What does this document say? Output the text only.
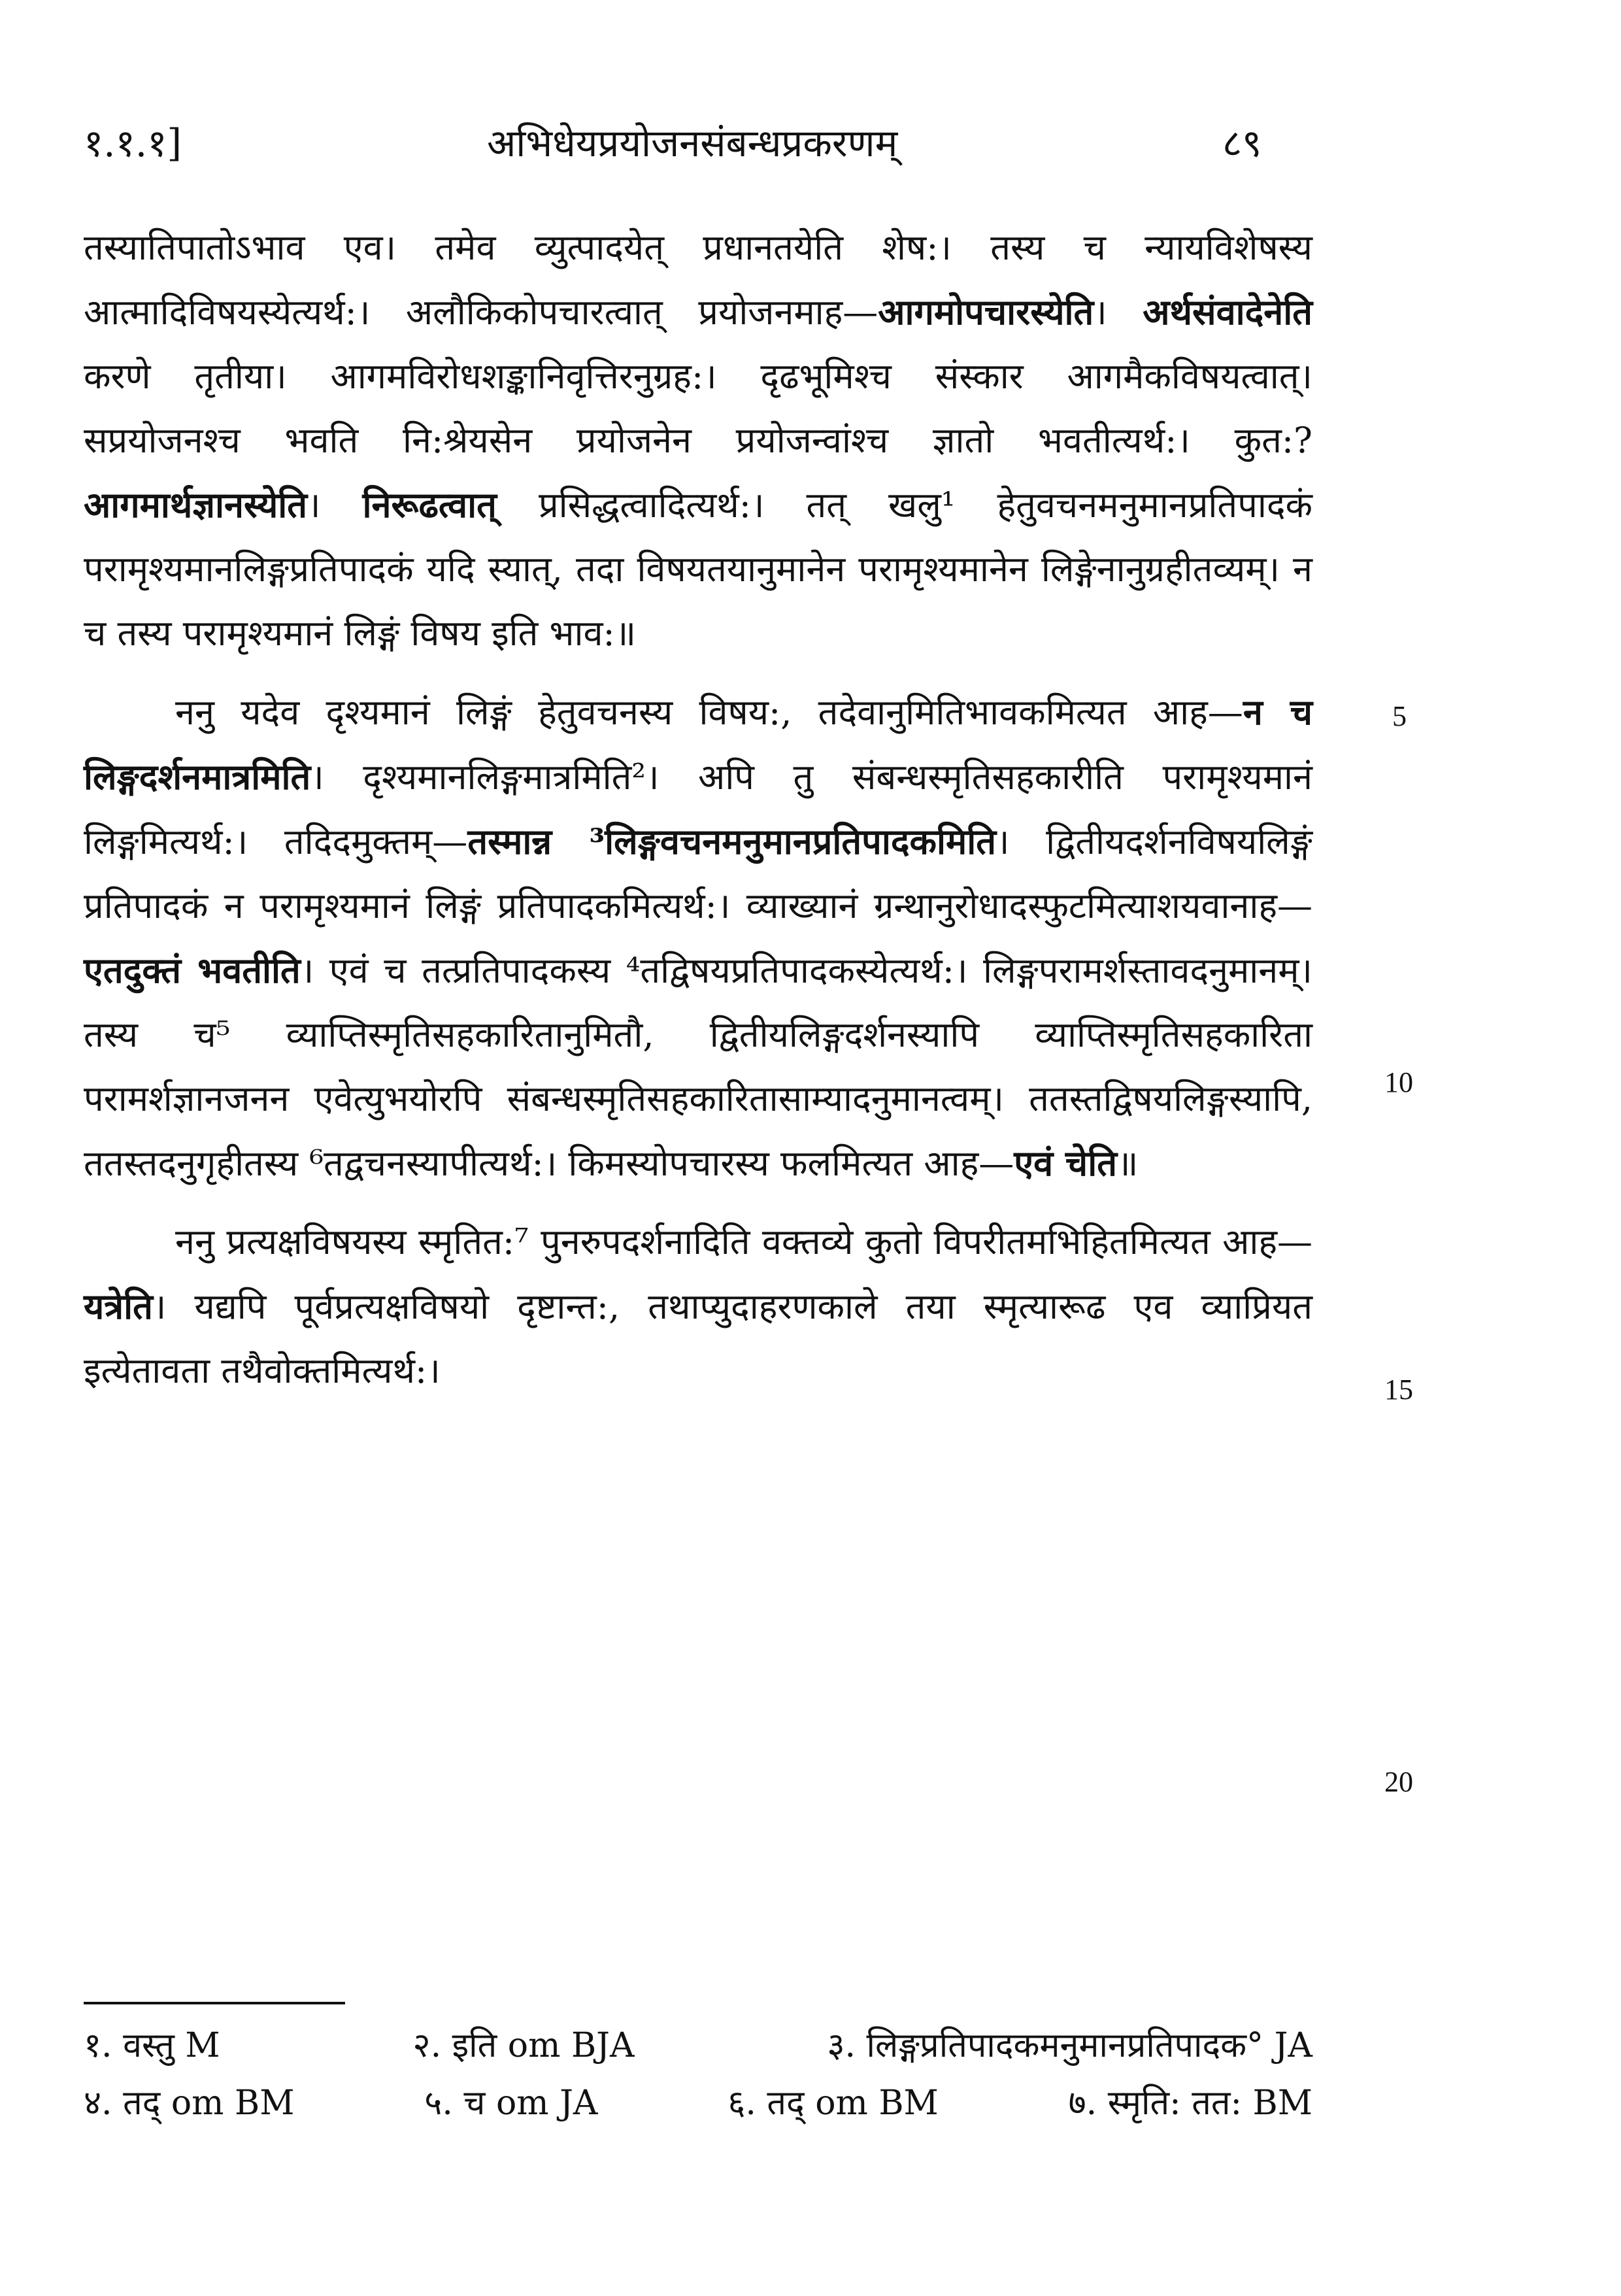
१.१.१]	अभिधेयप्रयोजनसंबन्धप्रकरणम्	८९

तस्यातिपातोऽभाव एव। तमेव व्युत्पादयेत् प्रधानतयेति शेष:। तस्य च न्यायविशेषस्य आत्मादिविषयस्येत्यर्थ:। अलौकिकोपचारत्वात् प्रयोजनमाह—आगमोपचारस्येति। अर्थसंवादेनेति करणे तृतीया। आगमविरोधशङ्कानिवृत्तिरनुग्रह:। दृढभूमिश्च संस्कार आगमैकविषयत्वात्। सप्रयोजनश्च भवति नि:श्रेयसेन प्रयोजनेन प्रयोजन्वांश्च ज्ञातो भवतीत्यर्थ:। कुत:? आगमार्थज्ञानस्येति। निरूढत्वात् प्रसिद्धत्वादित्यर्थ:। तत् खलु¹ हेतुवचनमनुमानप्रतिपादकं परामृश्यमानलिङ्गप्रतिपादकं यदि स्यात्, तदा विषयतयानुमानेन परामृश्यमानेन लिङ्गेनानुग्रहीतव्यम्। न च तस्य परामृश्यमानं लिङ्गं विषय इति भाव:॥

ननु यदेव दृश्यमानं लिङ्गं हेतुवचनस्य विषय:, तदेवानुमितिभावकमित्यत आह—न च लिङ्गदर्शनमात्रमिति। दृश्यमानलिङ्गमात्रमिति²। अपि तु संबन्धस्मृतिसहकारीति परामृश्यमानं लिङ्गमित्यर्थ:। तदिदमुक्तम्—तस्मान्न ³लिङ्गवचनमनुमानप्रतिपादकमिति। द्वितीयदर्शनविषयलिङ्गं प्रतिपादकं न परामृश्यमानं लिङ्गं प्रतिपादकमित्यर्थ:। व्याख्यानं ग्रन्थानुरोधादस्फुटमित्याशयवानाह—एतदुक्तं भवतीति। एवं च तत्प्रतिपादकस्य ⁴तद्विषयप्रतिपादकस्येत्यर्थ:। लिङ्गपरामर्शस्तावदनुमानम्। तस्य च⁵ व्याप्तिस्मृतिसहकारितानुमितौ, द्वितीयलिङ्गदर्शनस्यापि व्याप्तिस्मृतिसहकारिता परामर्शज्ञानजनन एवेत्युभयोरपि संबन्धस्मृतिसहकारितासाम्यादनुमानत्वम्। ततस्तद्विषयलिङ्गस्यापि, ततस्तदनुगृहीतस्य ⁶तद्वचनस्यापीत्यर्थ:। किमस्योपचारस्य फलमित्यत आह—एवं चेति॥

ननु प्रत्यक्षविषयस्य स्मृतित:⁷ पुनरुपदर्शनादिति वक्तव्ये कुतो विपरीतमभिहितमित्यत आह—यत्रेति। यद्यपि पूर्वप्रत्यक्षविषयो दृष्टान्त:, तथाप्युदाहरणकाले तया स्मृत्यारूढ एव व्याप्रियत इत्येतावता तथैवोक्तमित्यर्थ:।

5
10
15
20
१. वस्तु M	२. इति om BJA	३. लिङ्गप्रतिपादकमनुमानप्रतिपादक° JA
४. तद् om BM	५. च om JA	६. तद् om BM	७. स्मृति: तत: BM
